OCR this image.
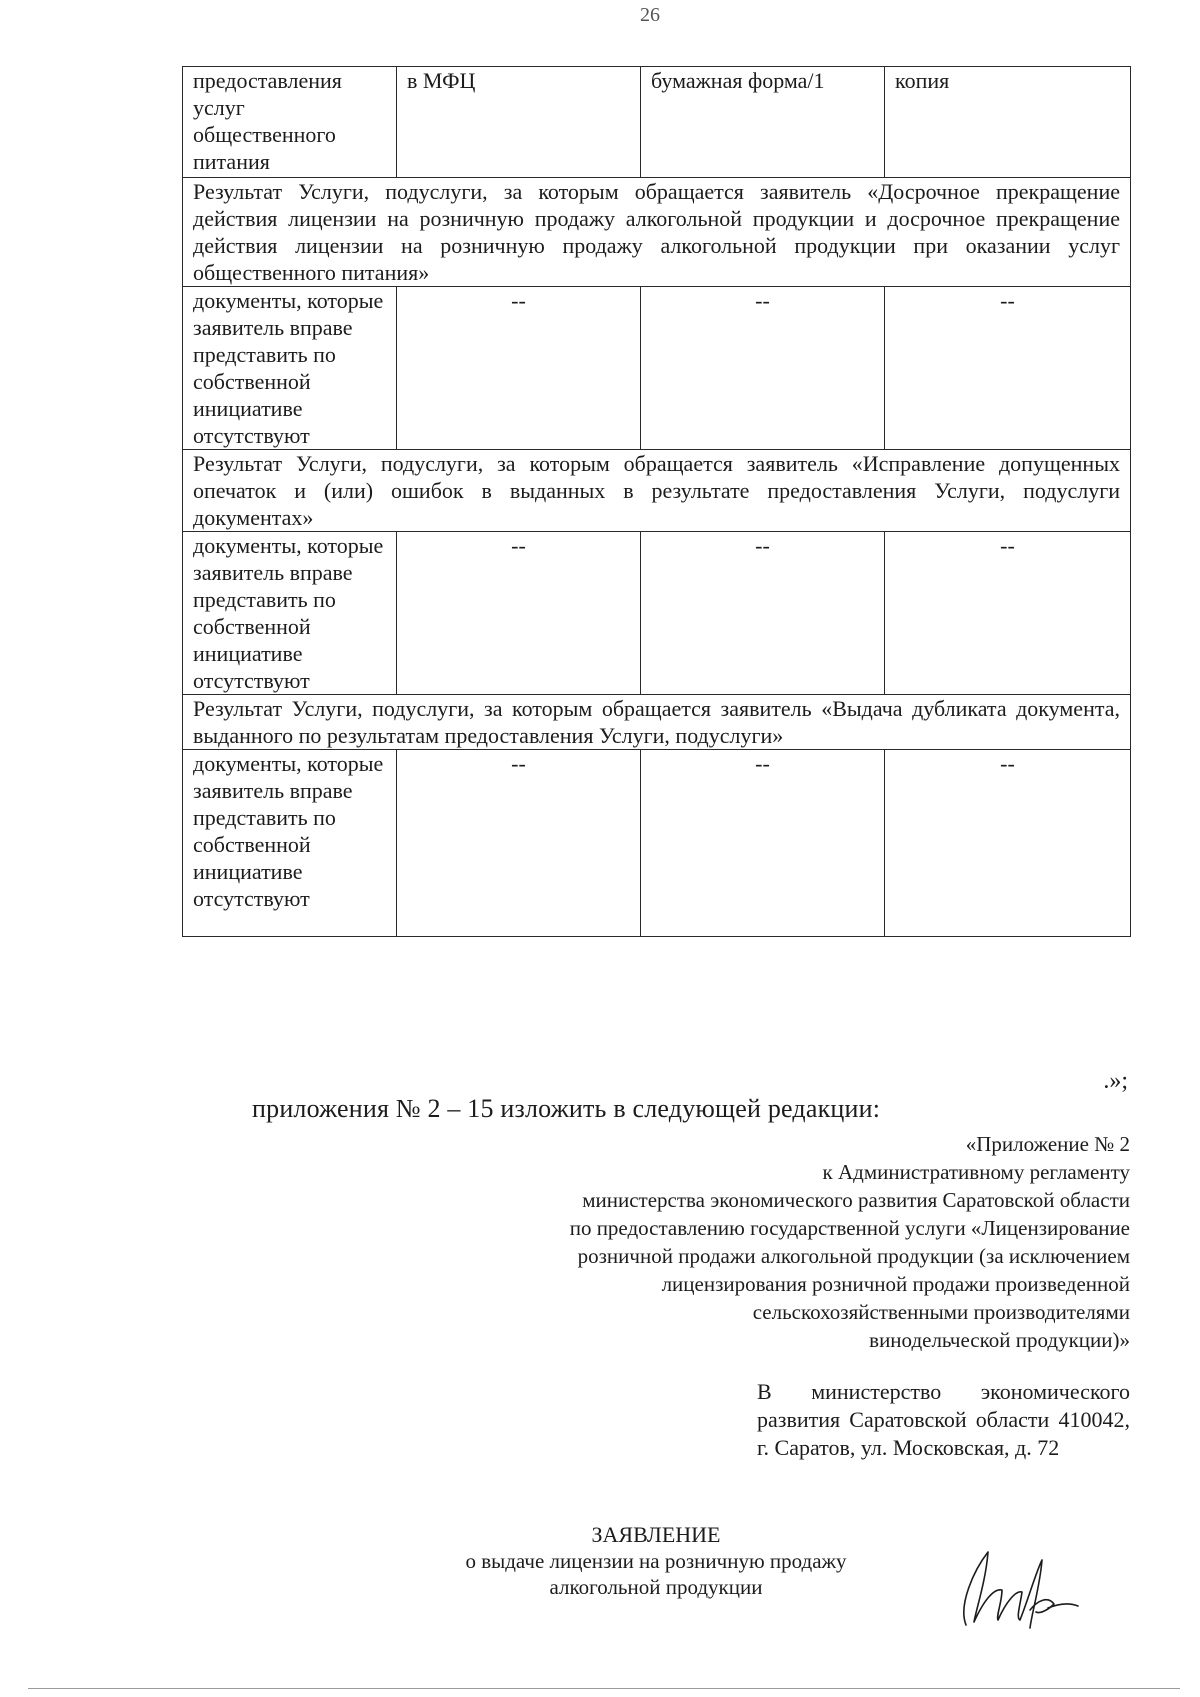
26
предоставления услуг общественного питания	в МФЦ	бумажная форма/1	копия
Результат Услуги, подуслуги, за которым обращается заявитель «Досрочное прекращение действия лицензии на розничную продажу алкогольной продукции и досрочное прекращение действия лицензии на розничную продажу алкогольной продукции при оказании услуг общественного питания»			
документы, которые заявитель вправе представить по собственной инициативе отсутствуют	--	--	--
Результат Услуги, подуслуги, за которым обращается заявитель «Исправление допущенных опечаток и (или) ошибок в выданных в результате предоставления Услуги, подуслуги документах»			
документы, которые заявитель вправе представить по собственной инициативе отсутствуют	--	--	--
Результат Услуги, подуслуги, за которым обращается заявитель «Выдача дубликата документа, выданного по результатам предоставления Услуги, подуслуги»			
документы, которые заявитель вправе представить по собственной инициативе отсутствуют	--	--	--
.»;
приложения № 2 – 15 изложить в следующей редакции:
«Приложение № 2
к Административному регламенту
министерства экономического развития Саратовской области
по предоставлению государственной услуги «Лицензирование
розничной продажи алкогольной продукции (за исключением
лицензирования розничной продажи произведенной
сельскохозяйственными производителями
винодельческой продукции)»
В министерство экономического развития Саратовской области 410042, г. Саратов, ул. Московская, д. 72
ЗАЯВЛЕНИЕ
о выдаче лицензии на розничную продажу
алкогольной продукции
